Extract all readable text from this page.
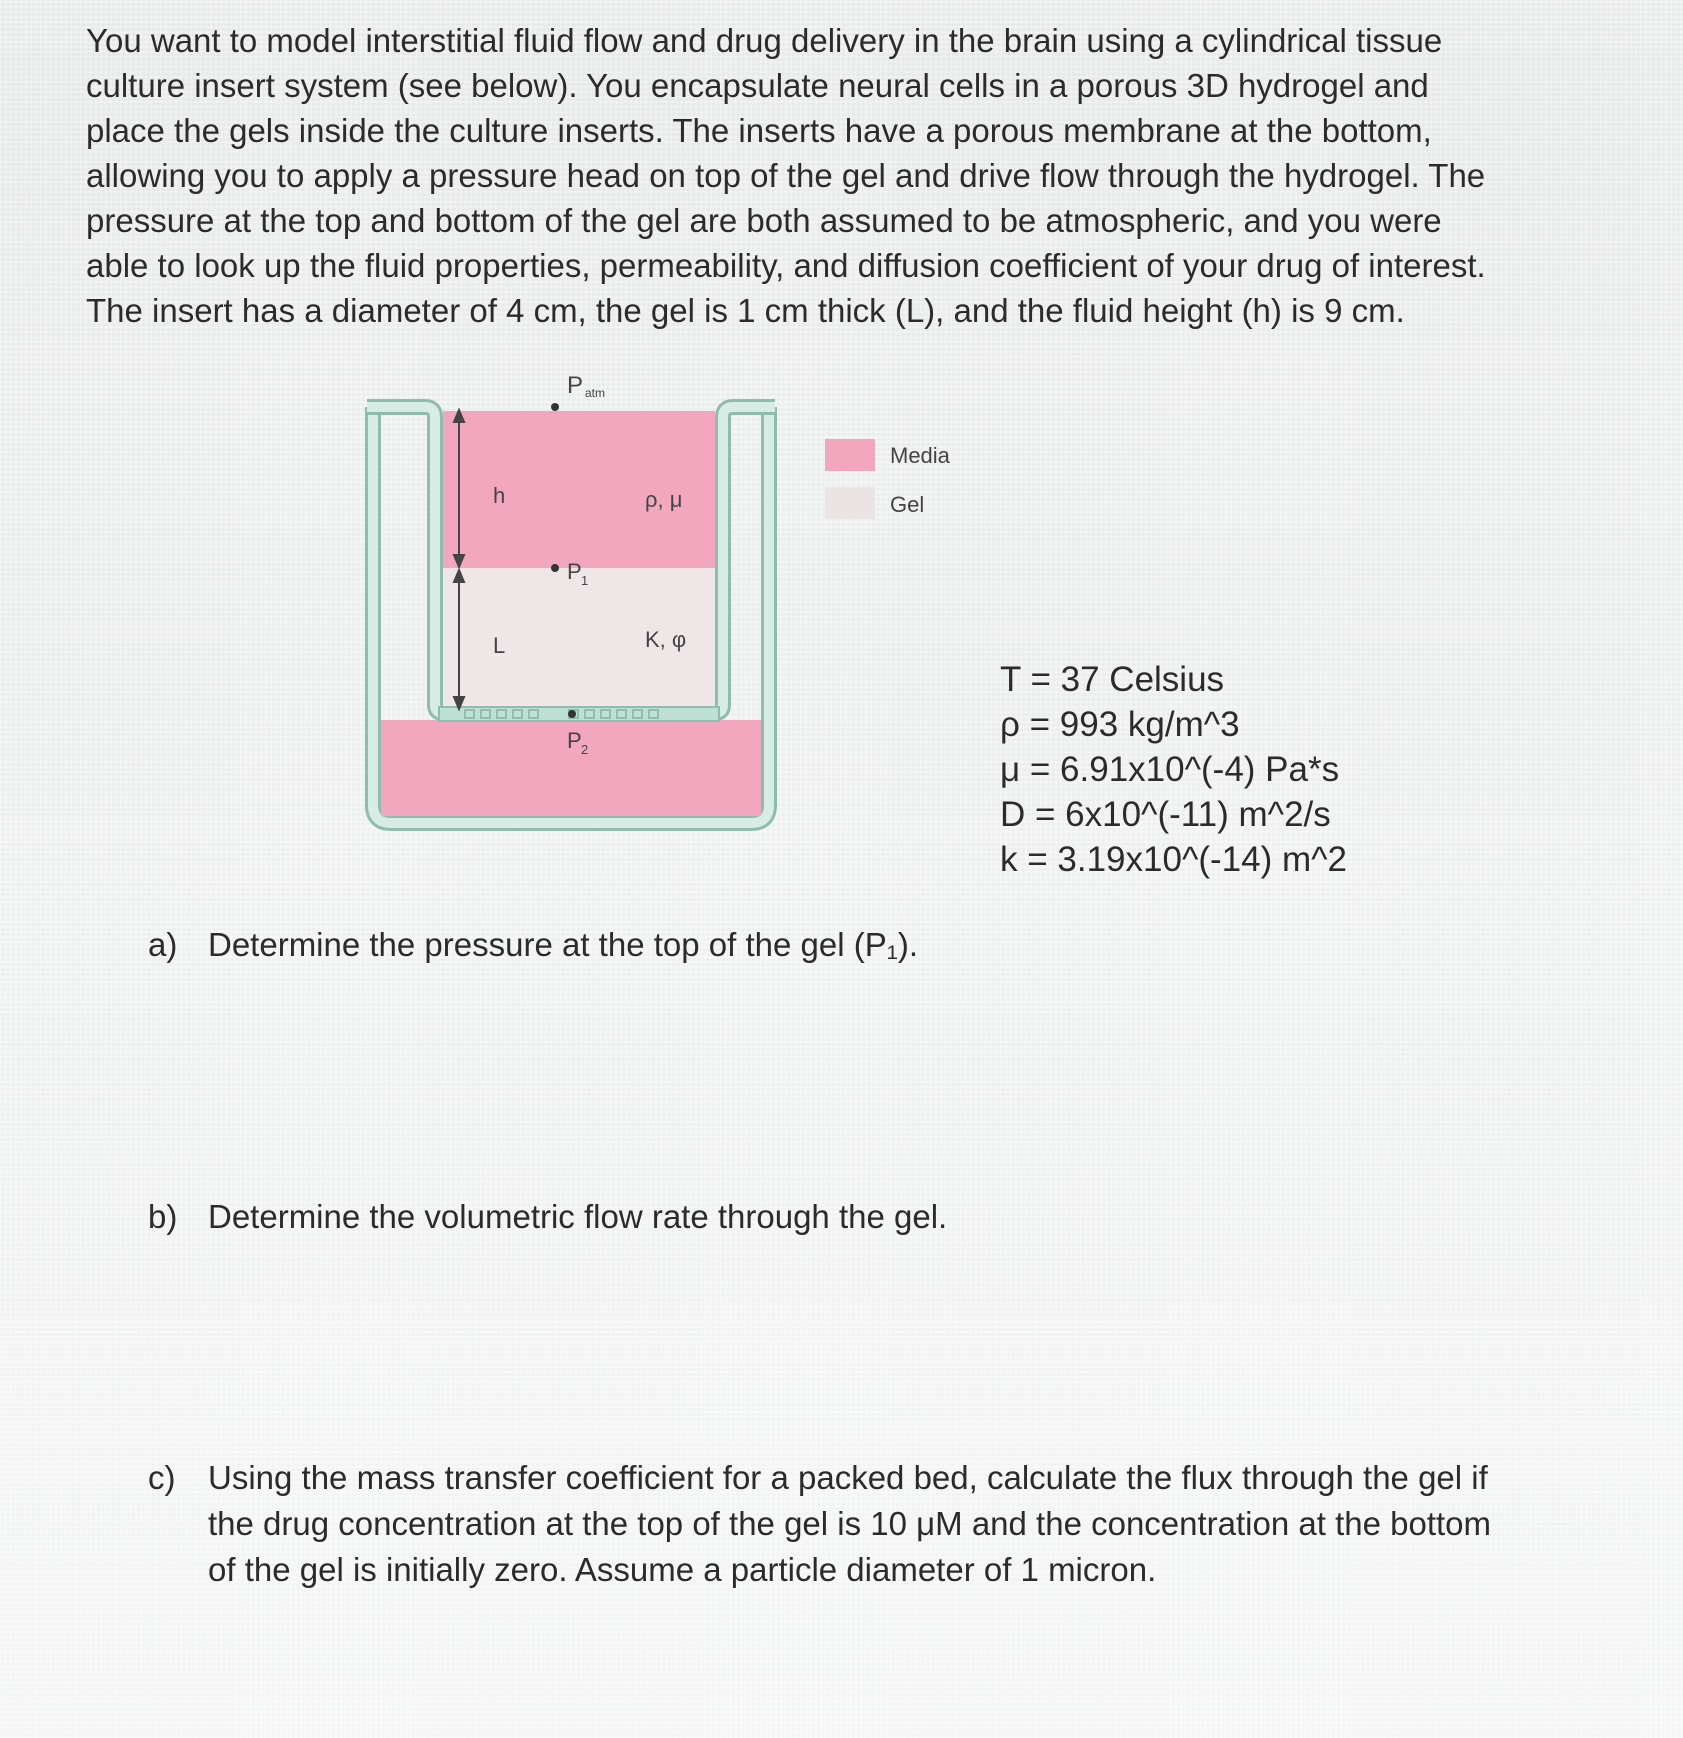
You want to model interstitial fluid flow and drug delivery in the brain using a cylindrical tissue
culture insert system (see below). You encapsulate neural cells in a porous 3D hydrogel and
place the gels inside the culture inserts. The inserts have a porous membrane at the bottom,
allowing you to apply a pressure head on top of the gel and drive flow through the hydrogel. The
pressure at the top and bottom of the gel are both assumed to be atmospheric, and you were
able to look up the fluid properties, permeability, and diffusion coefficient of your drug of interest.
The insert has a diameter of 4 cm, the gel is 1 cm thick (L), and the fluid height (h) is 9 cm.

P atm
h
L
P 1
P 2
ρ, μ
K, φ
Media
Gel

T = 37 Celsius
ρ = 993 kg/m^3
μ = 6.91x10^(-4) Pa*s
D = 6x10^(-11) m^2/s
k = 3.19x10^(-14) m^2

a) Determine the pressure at the top of the gel (P₁).
b) Determine the volumetric flow rate through the gel.
c) Using the mass transfer coefficient for a packed bed, calculate the flux through the gel if
the drug concentration at the top of the gel is 10 μM and the concentration at the bottom
of the gel is initially zero. Assume a particle diameter of 1 micron.
